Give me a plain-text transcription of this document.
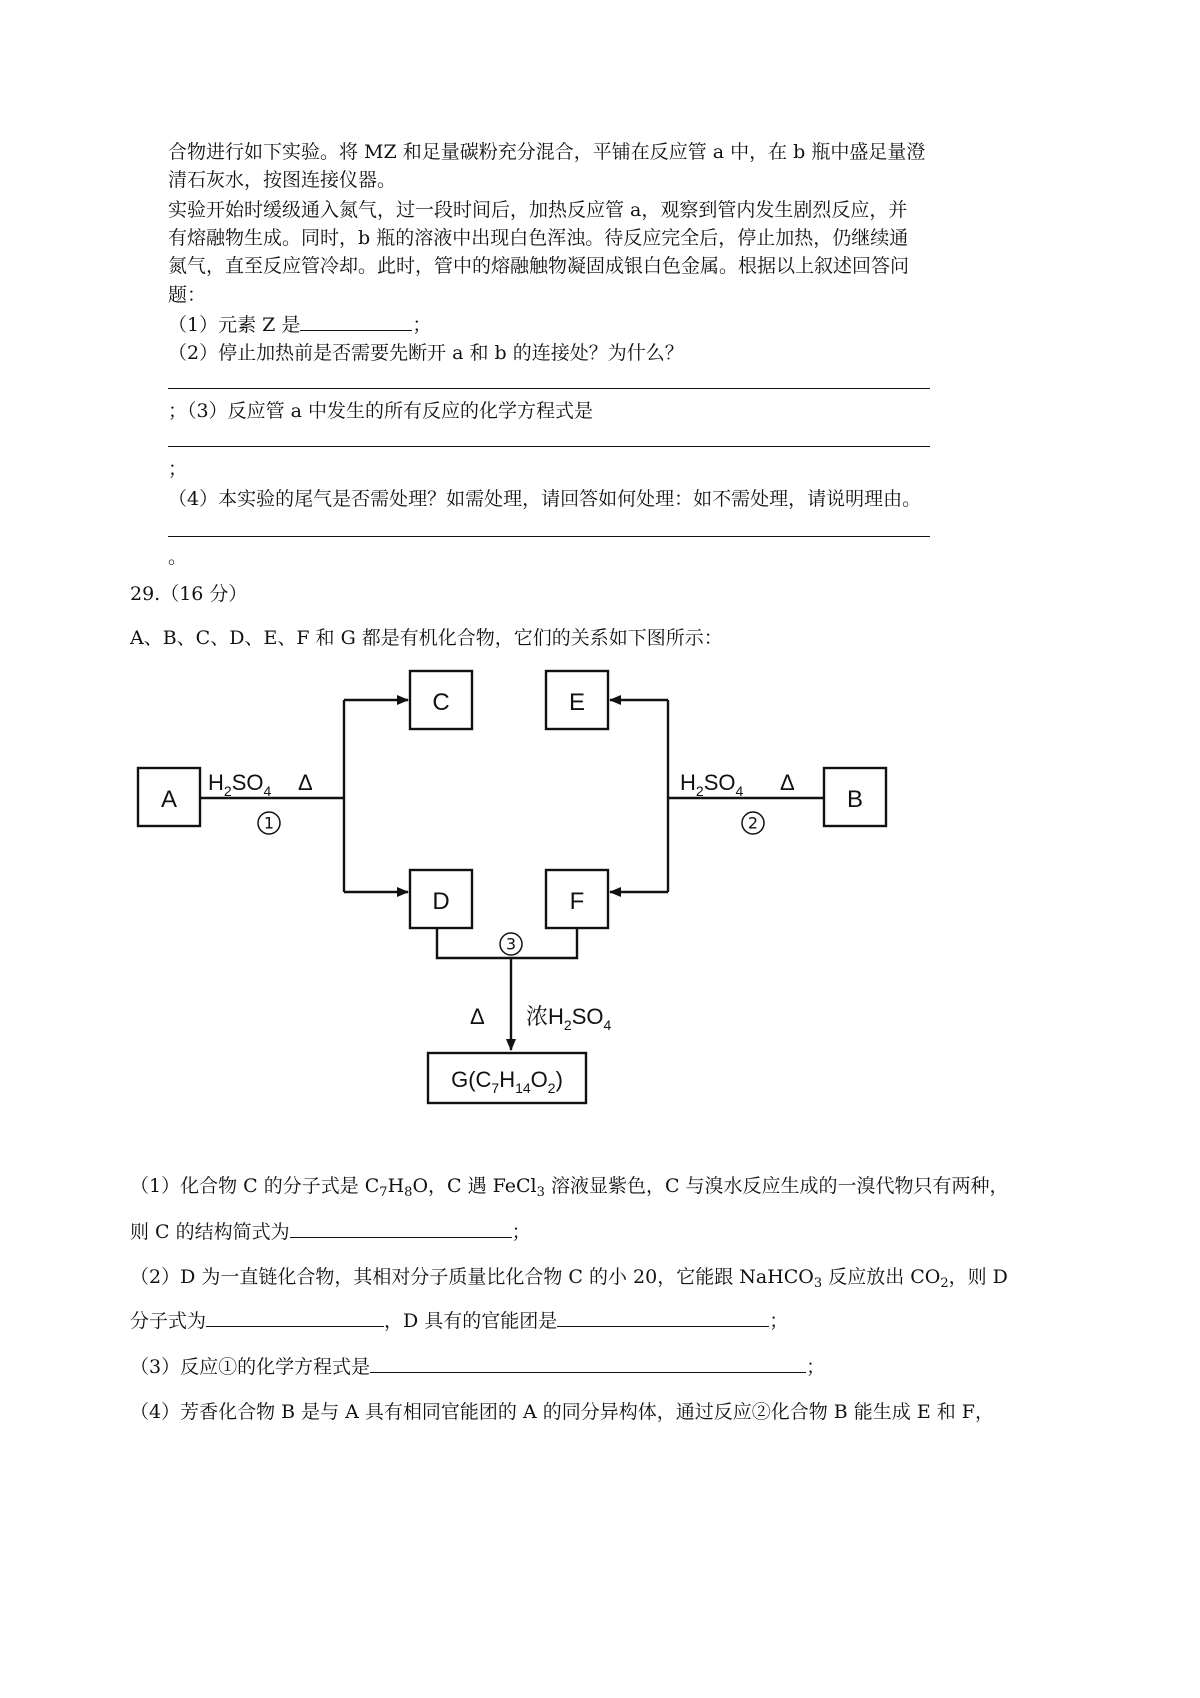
合物进行如下实验。将 MZ 和足量碳粉充分混合，平铺在反应管 a 中，在 b 瓶中盛足量澄
清石灰水，按图连接仪器。
实验开始时缓级通入氮气，过一段时间后，加热反应管 a，观察到管内发生剧烈反应，并
有熔融物生成。同时，b 瓶的溶液中出现白色浑浊。待反应完全后，停止加热，仍继续通
氮气，直至反应管冷却。此时，管中的熔融触物凝固成银白色金属。根据以上叙述回答问
题：
（1）元素 Z 是	；
（2）停止加热前是否需要先断开 a 和 b 的连接处？为什么？
；（3）反应管 a 中发生的所有反应的化学方程式是
；
（4）本实验的尾气是否需处理？如需处理，请回答如何处理：如不需处理，请说明理由。
。
29.（16 分）
A、B、C、D、E、F 和 G 都是有机化合物，它们的关系如下图所示：
A
C
D
E
F
B
$H_2SO_4$ Δ	$H_2SO_4$ Δ
1	2
3
Δ 浓$H_2SO_4$
$G(C_7H_{14}O_2)$
（1）化合物 C 的分子式是 $C_7H_8O$，C 遇 FeCl$_3$ 溶液显紫色，C 与溴水反应生成的一溴代物只有两种，
则 C 的结构简式为	；
（2）D 为一直链化合物，其相对分子质量比化合物 C 的小 20，它能跟 NaHCO$_3$ 反应放出 $CO_2$，则 D
分子式为	，D 具有的官能团是	；
（3）反应①的化学方程式是	；
（4）芳香化合物 B 是与 A 具有相同官能团的 A 的同分异构体，通过反应②化合物 B 能生成 E 和 F，
